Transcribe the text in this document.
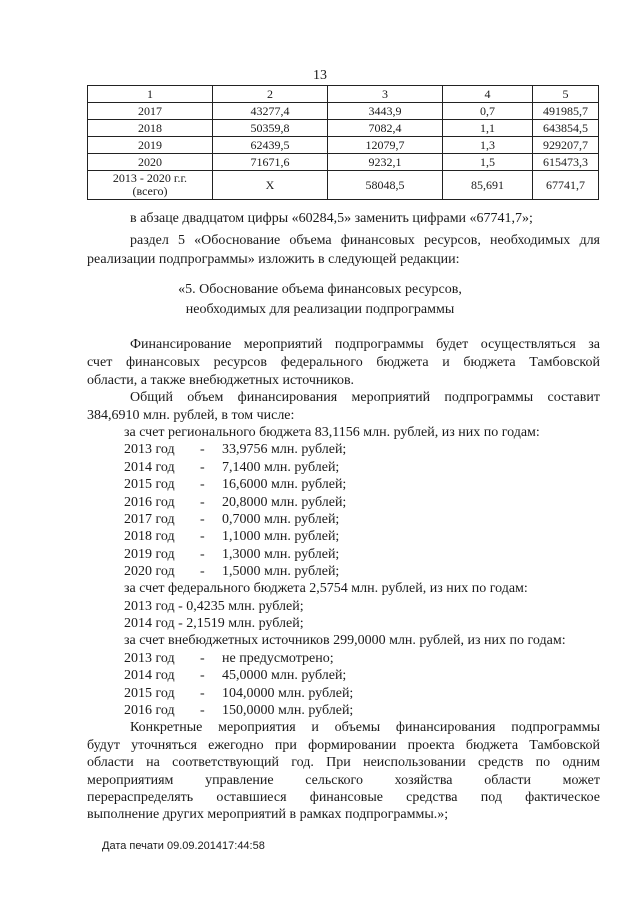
13
1	2	3	4	5
2017	43277,4	3443,9	0,7	491985,7
2018	50359,8	7082,4	1,1	643854,5
2019	62439,5	12079,7	1,3	929207,7
2020	71671,6	9232,1	1,5	615473,3
2013 - 2020 г.г.
(всего)	Х	58048,5	85,691	67741,7
в абзаце двадцатом цифры «60284,5» заменить цифрами «67741,7»;
раздел 5 «Обоснование объема финансовых ресурсов, необходимых для
реализации подпрограммы» изложить в следующей редакции:
«5. Обоснование объема финансовых ресурсов,
необходимых для реализации подпрограммы
Финансирование мероприятий подпрограммы будет осуществляться за
счет финансовых ресурсов федерального бюджета и бюджета Тамбовской
области, а также внебюджетных источников.
Общий объем финансирования мероприятий подпрограммы составит
384,6910 млн. рублей, в том числе:
за счет регионального бюджета 83,1156 млн. рублей, из них по годам:
2013 год - 33,9756 млн. рублей;
2014 год - 7,1400 млн. рублей;
2015 год - 16,6000 млн. рублей;
2016 год - 20,8000 млн. рублей;
2017 год - 0,7000 млн. рублей;
2018 год - 1,1000 млн. рублей;
2019 год - 1,3000 млн. рублей;
2020 год - 1,5000 млн. рублей;
за счет федерального бюджета 2,5754 млн. рублей, из них по годам:
2013 год - 0,4235 млн. рублей;
2014 год - 2,1519 млн. рублей;
за счет внебюджетных источников 299,0000 млн. рублей, из них по годам:
2013 год - не предусмотрено;
2014 год - 45,0000 млн. рублей;
2015 год - 104,0000 млн. рублей;
2016 год - 150,0000 млн. рублей;
Конкретные мероприятия и объемы финансирования подпрограммы
будут уточняться ежегодно при формировании проекта бюджета Тамбовской
области на соответствующий год. При неиспользовании средств по одним
мероприятиям управление сельского хозяйства области может
перераспределять оставшиеся финансовые средства под фактическое
выполнение других мероприятий в рамках подпрограммы.»;
Дата печати 09.09.201417:44:58
